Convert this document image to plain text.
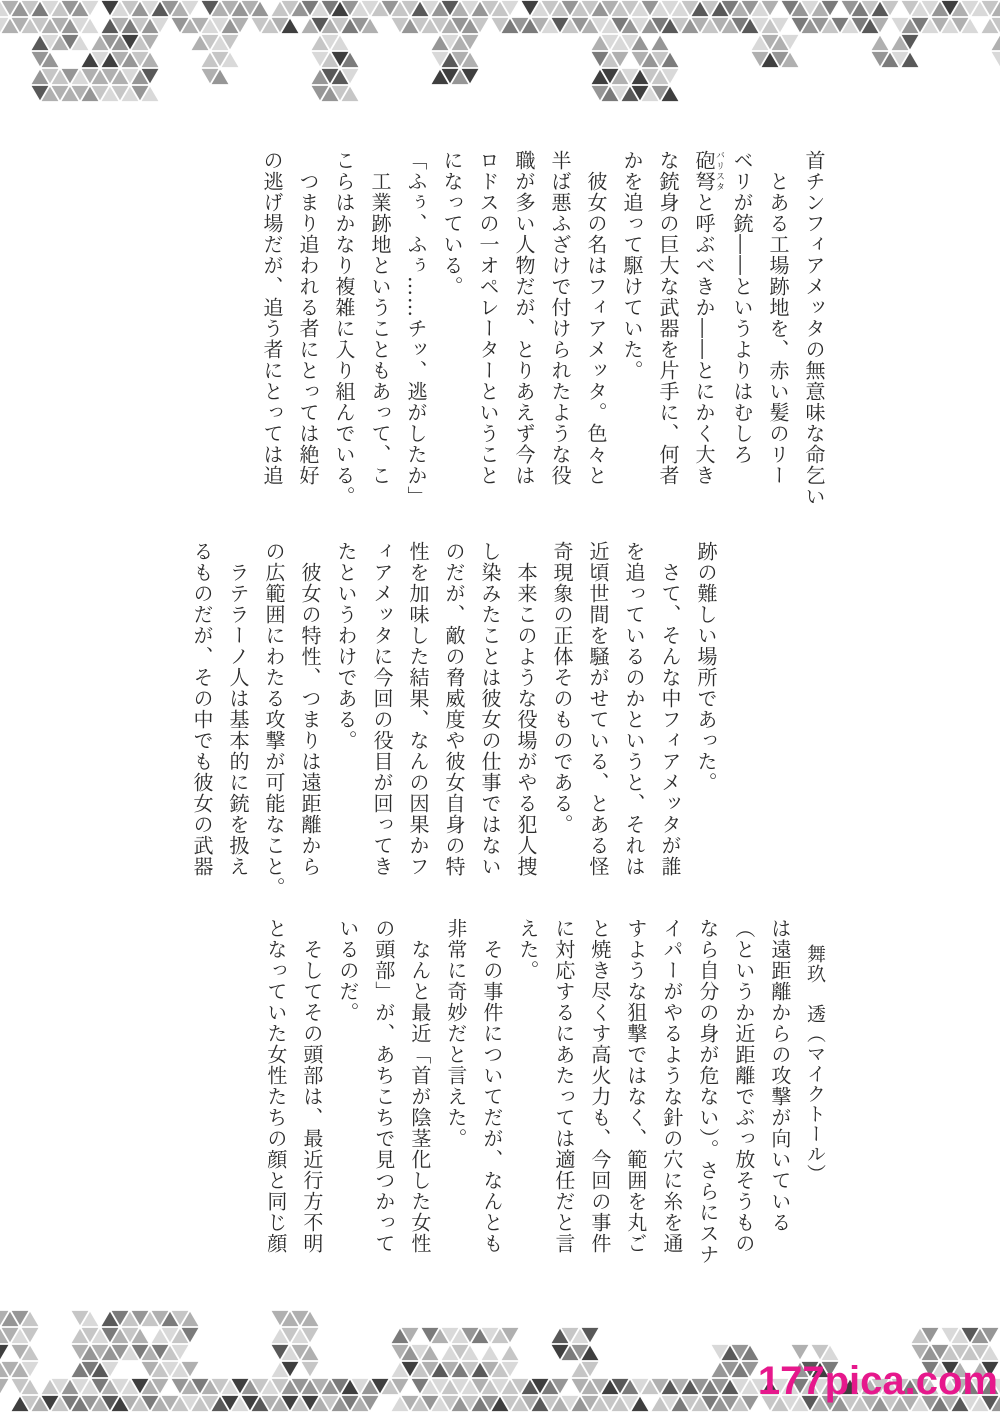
首チンフィアメッタの無意味な命乞い
　とある工場跡地を、赤い髪のリー
ベリが銃――というよりはむしろ
砲弩バリスタと呼ぶべきか――とにかく大き
な銃身の巨大な武器を片手に、何者
かを追って駆けていた。
　彼女の名はフィアメッタ。色々と
半ば悪ふざけで付けられたような役
職が多い人物だが、とりあえず今は
ロドスの一オペレーターということ
になっている。
「ふぅ、ふぅ……チッ、逃がしたか」
　工業跡地ということもあって、こ
こらはかなり複雑に入り組んでいる。
　つまり追われる者にとっては絶好
の逃げ場だが、追う者にとっては追
跡の難しい場所であった。
　さて、そんな中フィアメッタが誰
を追っているのかというと、それは
近頃世間を騒がせている、とある怪
奇現象の正体そのものである。
　本来このような役場がやる犯人捜
し染みたことは彼女の仕事ではない
のだが、敵の脅威度や彼女自身の特
性を加味した結果、なんの因果かフ
ィアメッタに今回の役目が回ってき
たというわけである。
　彼女の特性、つまりは遠距離から
の広範囲にわたる攻撃が可能なこと。
　ラテラーノ人は基本的に銃を扱え
るものだが、その中でも彼女の武器
舞玖　透（マイクトール）
は遠距離からの攻撃が向いている
（というか近距離でぶっ放そうもの
なら自分の身が危ない）。さらにスナ
イパーがやるような針の穴に糸を通
すような狙撃ではなく、範囲を丸ご
と焼き尽くす高火力も、今回の事件
に対応するにあたっては適任だと言
えた。
　その事件についてだが、なんとも
非常に奇妙だと言えた。
　なんと最近「首が陰茎化した女性
の頭部」が、あちこちで見つかって
いるのだ。
　そしてその頭部は、最近行方不明
となっていた女性たちの顔と同じ顔
177pica.com
